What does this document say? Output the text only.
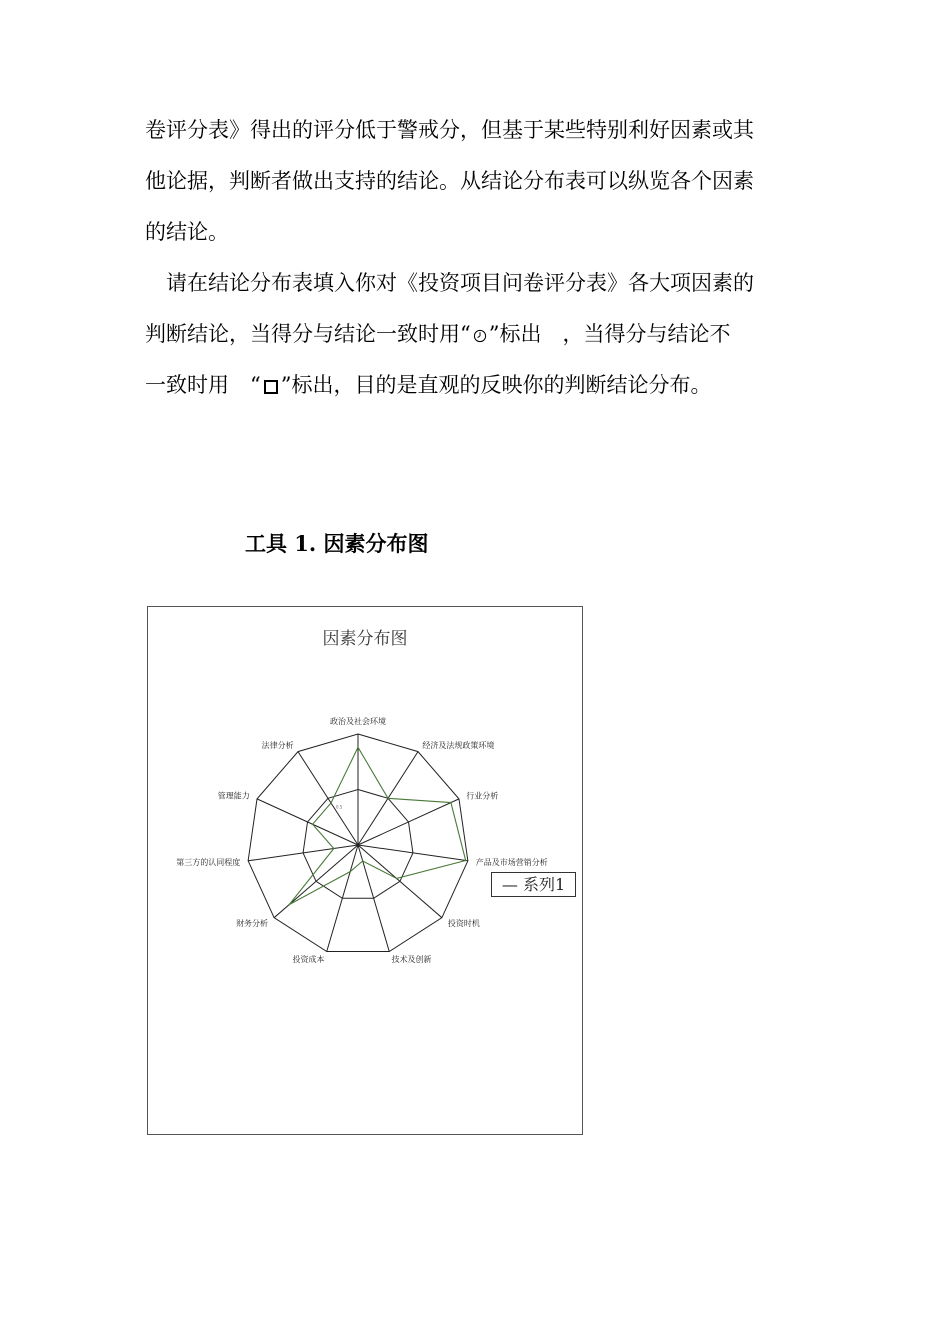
卷评分表》得出的评分低于警戒分，但基于某些特别利好因素或其
他论据，判断者做出支持的结论。从结论分布表可以纵览各个因素
的结论。

请在结论分布表填入你对《投资项目问卷评分表》各大项因素的
判断结论，当得分与结论一致时用“ ”标出　，当得分与结论不
一致时用　“ ”标出，目的是直观的反映你的判断结论分布。

工具 1. 因素分布图
因素分布图
0.5
政治及社会环境
经济及法规政策环境
行业分析
产品及市场营销分析
投资时机
技术及创新
投资成本
财务分析
第三方的认同程度
管理能力
法律分析
— 系列1
